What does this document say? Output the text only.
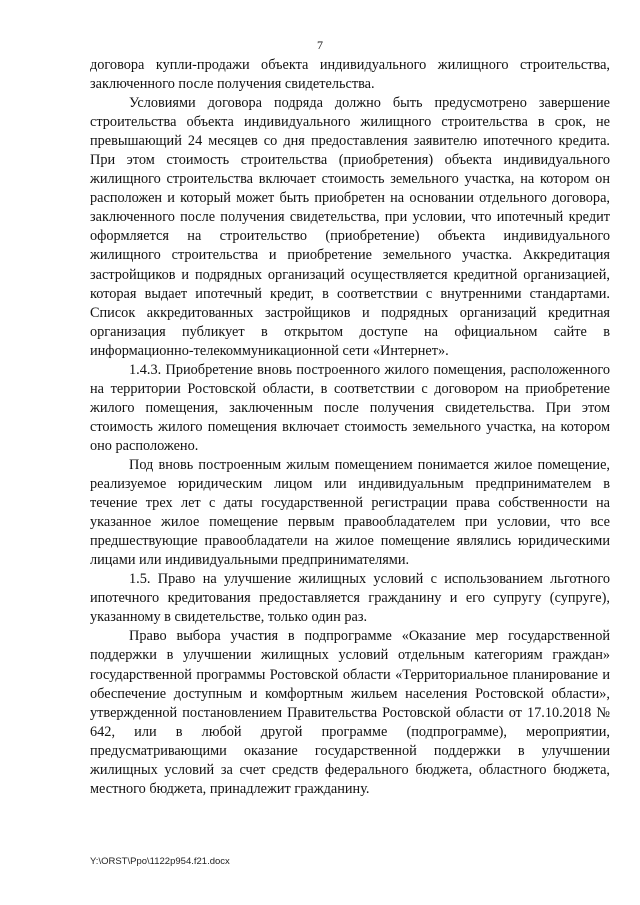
7

договора купли-продажи объекта индивидуального жилищного строительства, заключенного после получения свидетельства.

Условиями договора подряда должно быть предусмотрено завершение строительства объекта индивидуального жилищного строительства в срок, не превышающий 24 месяцев со дня предоставления заявителю ипотечного кредита. При этом стоимость строительства (приобретения) объекта индивидуального жилищного строительства включает стоимость земельного участка, на котором он расположен и который может быть приобретен на основании отдельного договора, заключенного после получения свидетельства, при условии, что ипотечный кредит оформляется на строительство (приобретение) объекта индивидуального жилищного строительства и приобретение земельного участка. Аккредитация застройщиков и подрядных организаций осуществляется кредитной организацией, которая выдает ипотечный кредит, в соответствии с внутренними стандартами. Список аккредитованных застройщиков и подрядных организаций кредитная организация публикует в открытом доступе на официальном сайте в информационно-телекоммуникационной сети «Интернет».

1.4.3. Приобретение вновь построенного жилого помещения, расположенного на территории Ростовской области, в соответствии с договором на приобретение жилого помещения, заключенным после получения свидетельства. При этом стоимость жилого помещения включает стоимость земельного участка, на котором оно расположено.

Под вновь построенным жилым помещением понимается жилое помещение, реализуемое юридическим лицом или индивидуальным предпринимателем в течение трех лет с даты государственной регистрации права собственности на указанное жилое помещение первым правообладателем при условии, что все предшествующие правообладатели на жилое помещение являлись юридическими лицами или индивидуальными предпринимателями.

1.5. Право на улучшение жилищных условий с использованием льготного ипотечного кредитования предоставляется гражданину и его супругу (супруге), указанному в свидетельстве, только один раз.

Право выбора участия в подпрограмме «Оказание мер государственной поддержки в улучшении жилищных условий отдельным категориям граждан» государственной программы Ростовской области «Территориальное планирование и обеспечение доступным и комфортным жильем населения Ростовской области», утвержденной постановлением Правительства Ростовской области от 17.10.2018 № 642, или в любой другой программе (подпрограмме), мероприятии, предусматривающими оказание государственной поддержки в улучшении жилищных условий за счет средств федерального бюджета, областного бюджета, местного бюджета, принадлежит гражданину.

Y:\ORST\Ppo\1122p954.f21.docx
